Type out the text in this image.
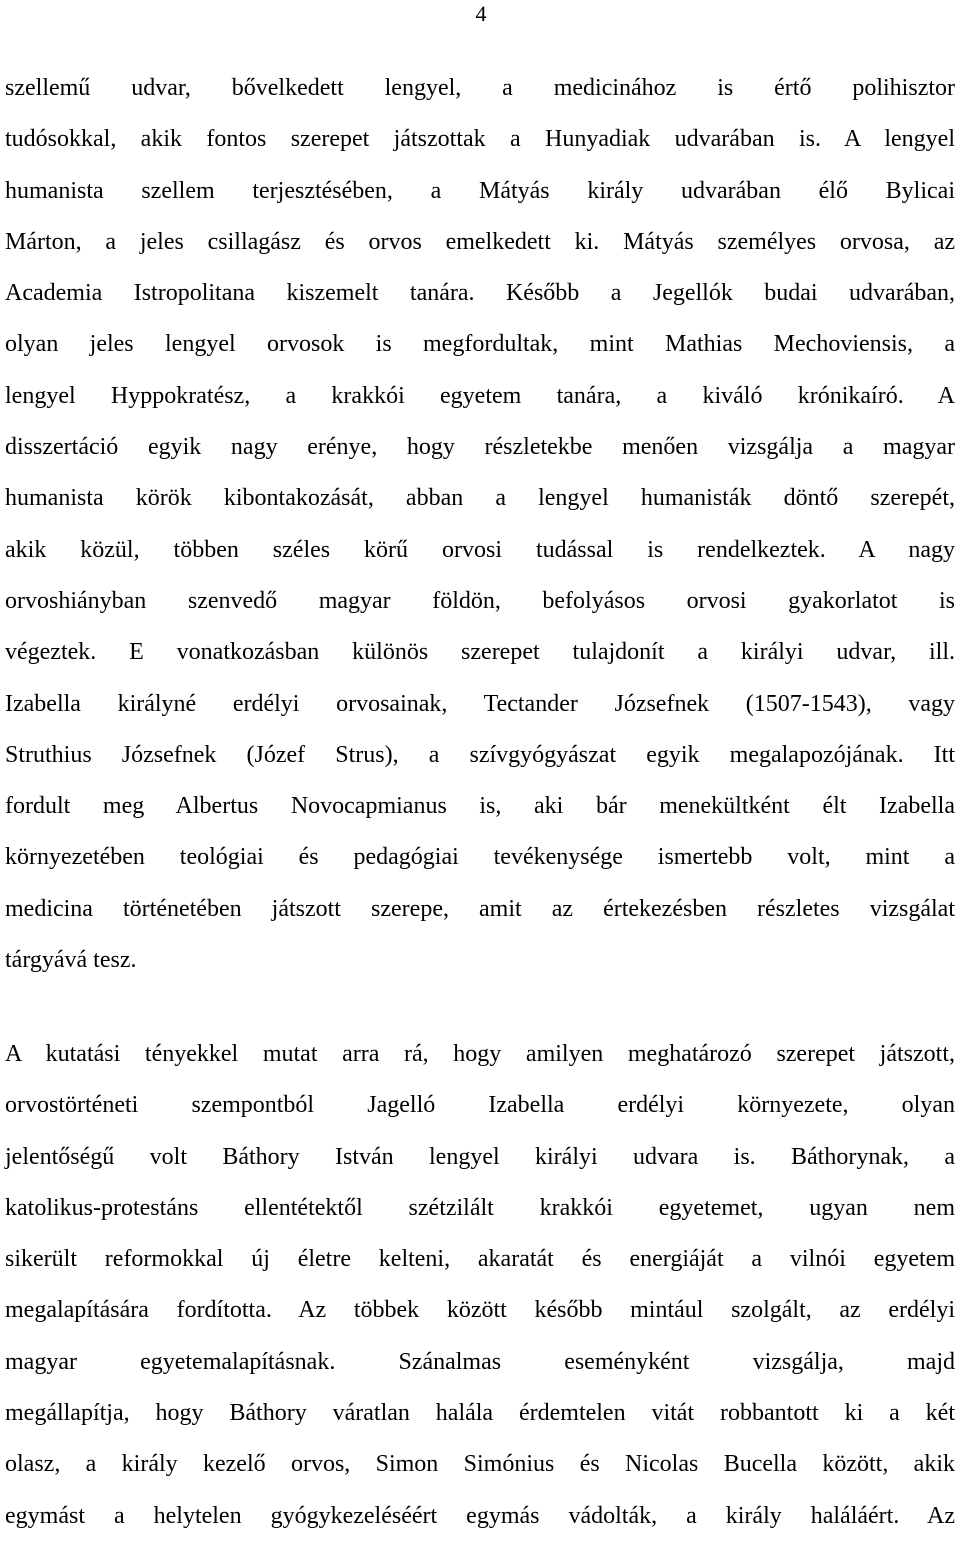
4
szellemű udvar, bővelkedett lengyel, a medicinához is értő polihisztor
tudósokkal, akik fontos szerepet játszottak a Hunyadiak udvarában is. A lengyel
humanista szellem terjesztésében, a Mátyás király udvarában élő Bylicai
Márton, a jeles csillagász és orvos emelkedett ki. Mátyás személyes orvosa, az
Academia Istropolitana kiszemelt tanára. Később a Jegellók budai udvarában,
olyan jeles lengyel orvosok is megfordultak, mint Mathias Mechoviensis, a
lengyel Hyppokratész, a krakkói egyetem tanára, a kiváló krónikaíró. A
disszertáció egyik nagy erénye, hogy részletekbe menően vizsgálja a magyar
humanista körök kibontakozását, abban a lengyel humanisták döntő szerepét,
akik közül, többen széles körű orvosi tudással is rendelkeztek. A nagy
orvoshiányban szenvedő magyar földön, befolyásos orvosi gyakorlatot is
végeztek. E vonatkozásban különös szerepet tulajdonít a királyi udvar, ill.
Izabella királyné erdélyi orvosainak, Tectander Józsefnek (1507-1543), vagy
Struthius Józsefnek (Józef Strus), a szívgyógyászat egyik megalapozójának. Itt
fordult meg Albertus Novocapmianus is, aki bár menekültként élt Izabella
környezetében teológiai és pedagógiai tevékenysége ismertebb volt, mint a
medicina történetében játszott szerepe, amit az értekezésben részletes vizsgálat
tárgyává tesz.
A kutatási tényekkel mutat arra rá, hogy amilyen meghatározó szerepet játszott,
orvostörténeti szempontból Jagelló Izabella erdélyi környezete, olyan
jelentőségű volt Báthory István lengyel királyi udvara is. Báthorynak, a
katolikus-protestáns ellentétektől szétzilált krakkói egyetemet, ugyan nem
sikerült reformokkal új életre kelteni, akaratát és energiáját a vilnói egyetem
megalapítására fordította. Az többek között később mintául szolgált, az erdélyi
magyar egyetemalapításnak. Szánalmas eseményként vizsgálja, majd
megállapítja, hogy Báthory váratlan halála érdemtelen vitát robbantott ki a két
olasz, a király kezelő orvos, Simon Simónius és Nicolas Bucella között, akik
egymást a helytelen gyógykezeléséért egymás vádolták, a király haláláért. Az
